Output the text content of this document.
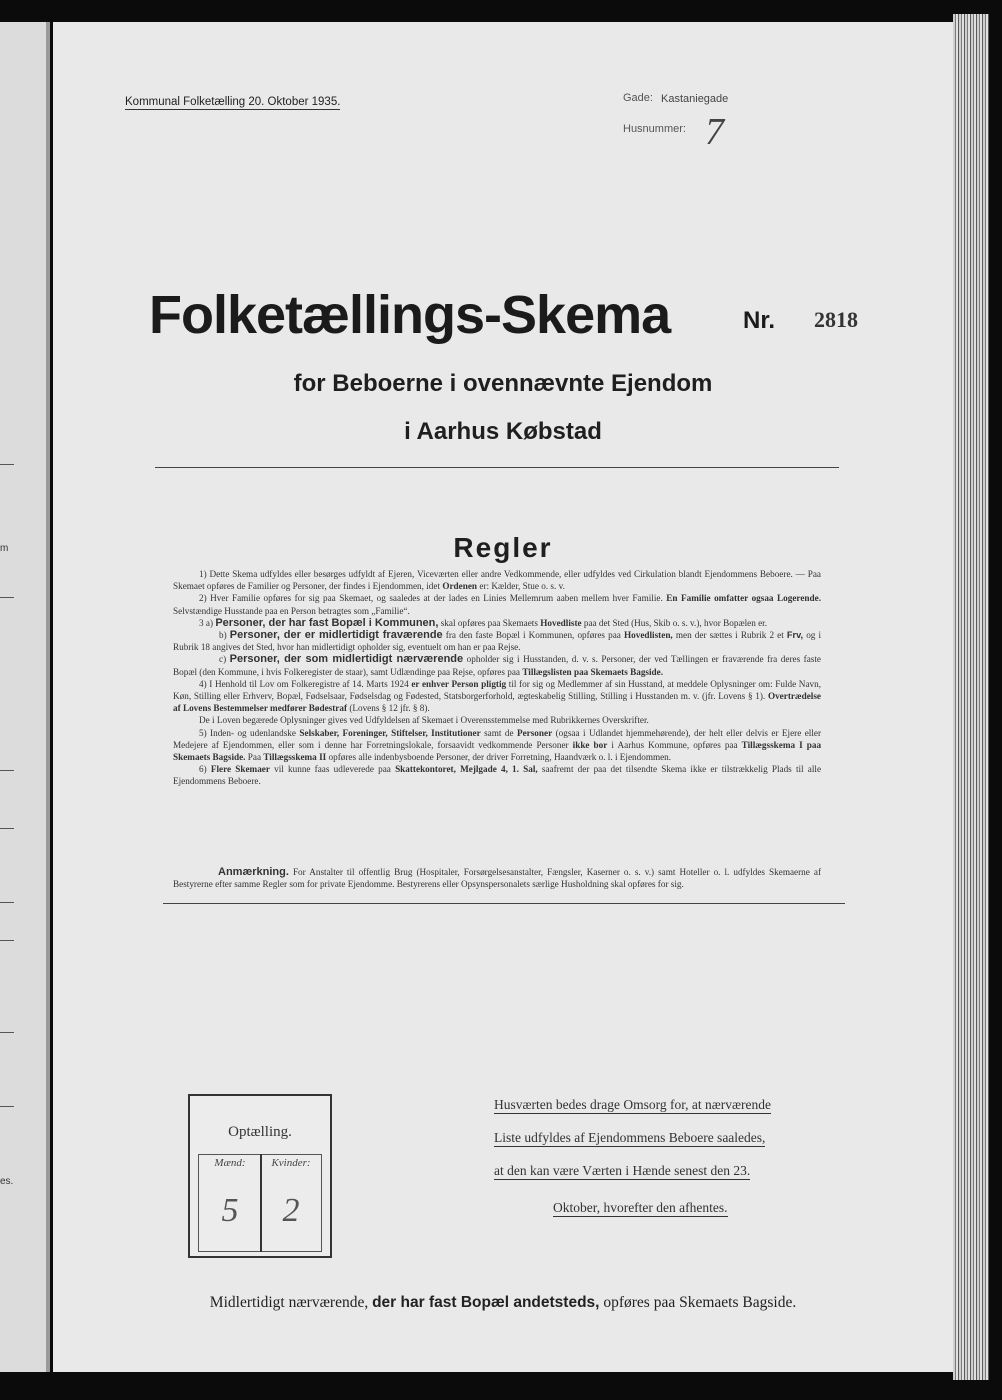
m
es.
Kommunal Folketælling 20. Oktober 1935.	Gade: Kastaniegade
Husnummer: 7
Folketællings-Skema	Nr. 2818
for Beboerne i ovennævnte Ejendom
i Aarhus Købstad
Regler

1) Dette Skema udfyldes eller besørges udfyldt af Ejeren, Viceværten eller andre Vedkommende, eller udfyldes ved Cirkulation blandt Ejendommens Beboere. — Paa Skemaet opføres de Familier og Personer, der findes i Ejendommen, idet Ordenen er: Kælder, Stue o. s. v.

2) Hver Familie opføres for sig paa Skemaet, og saaledes at der lades en Linies Mellemrum aaben mellem hver Familie. En Familie omfatter ogsaa Logerende. Selvstændige Husstande paa en Person betragtes som „Familie“.

3 a) Personer, der har fast Bopæl i Kommunen, skal opføres paa Skemaets Hovedliste paa det Sted (Hus, Skib o. s. v.), hvor Bopælen er.

b) Personer, der er midlertidigt fraværende fra den faste Bopæl i Kommunen, opføres paa Hovedlisten, men der sættes i Rubrik 2 et Frv, og i Rubrik 18 angives det Sted, hvor han midlertidigt opholder sig, eventuelt om han er paa Rejse.

c) Personer, der som midlertidigt nærværende opholder sig i Husstanden, d. v. s. Personer, der ved Tællingen er fraværende fra deres faste Bopæl (den Kommune, i hvis Folkeregister de staar), samt Udlændinge paa Rejse, opføres paa Tillægslisten paa Skemaets Bagside.

4) I Henhold til Lov om Folkeregistre af 14. Marts 1924 er enhver Person pligtig til for sig og Medlemmer af sin Husstand, at meddele Oplysninger om: Fulde Navn, Køn, Stilling eller Erhverv, Bopæl, Fødselsaar, Fødselsdag og Fødested, Statsborgerforhold, ægteskabelig Stilling, Stilling i Husstanden m. v. (jfr. Lovens § 1). Overtrædelse af Lovens Bestemmelser medfører Bødestraf (Lovens § 12 jfr. § 8).

De i Loven begærede Oplysninger gives ved Udfyldelsen af Skemaet i Overensstemmelse med Rubrikkernes Overskrifter.

5) Inden- og udenlandske Selskaber, Foreninger, Stiftelser, Institutioner samt de Personer (ogsaa i Udlandet hjemmehørende), der helt eller delvis er Ejere eller Medejere af Ejendommen, eller som i denne har Forretningslokale, forsaavidt vedkommende Personer ikke bor i Aarhus Kommune, opføres paa Tillægsskema I paa Skemaets Bagside. Paa Tillægsskema II opføres alle indenbysboende Personer, der driver Forretning, Haandværk o. l. i Ejendommen.

6) Flere Skemaer vil kunne faas udleverede paa Skattekontoret, Mejlgade 4, 1. Sal, saafremt der paa det tilsendte Skema ikke er tilstrækkelig Plads til alle Ejendommens Beboere.

Anmærkning. For Anstalter til offentlig Brug (Hospitaler, Forsørgelsesanstalter, Fængsler, Kaserner o. s. v.) samt Hoteller o. l. udfyldes Skemaerne af Bestyrerne efter samme Regler som for private Ejendomme. Bestyrerens eller Opsynspersonalets særlige Husholdning skal opføres for sig.

Optælling.
Mænd:	Kvinder:
5	2
Husværten bedes drage Omsorg for, at nærværende
Liste udfyldes af Ejendommens Beboere saaledes,
at den kan være Værten i Hænde senest den 23.
Oktober, hvorefter den afhentes.
Midlertidigt nærværende, der har fast Bopæl andetsteds, opføres paa Skemaets Bagside.
